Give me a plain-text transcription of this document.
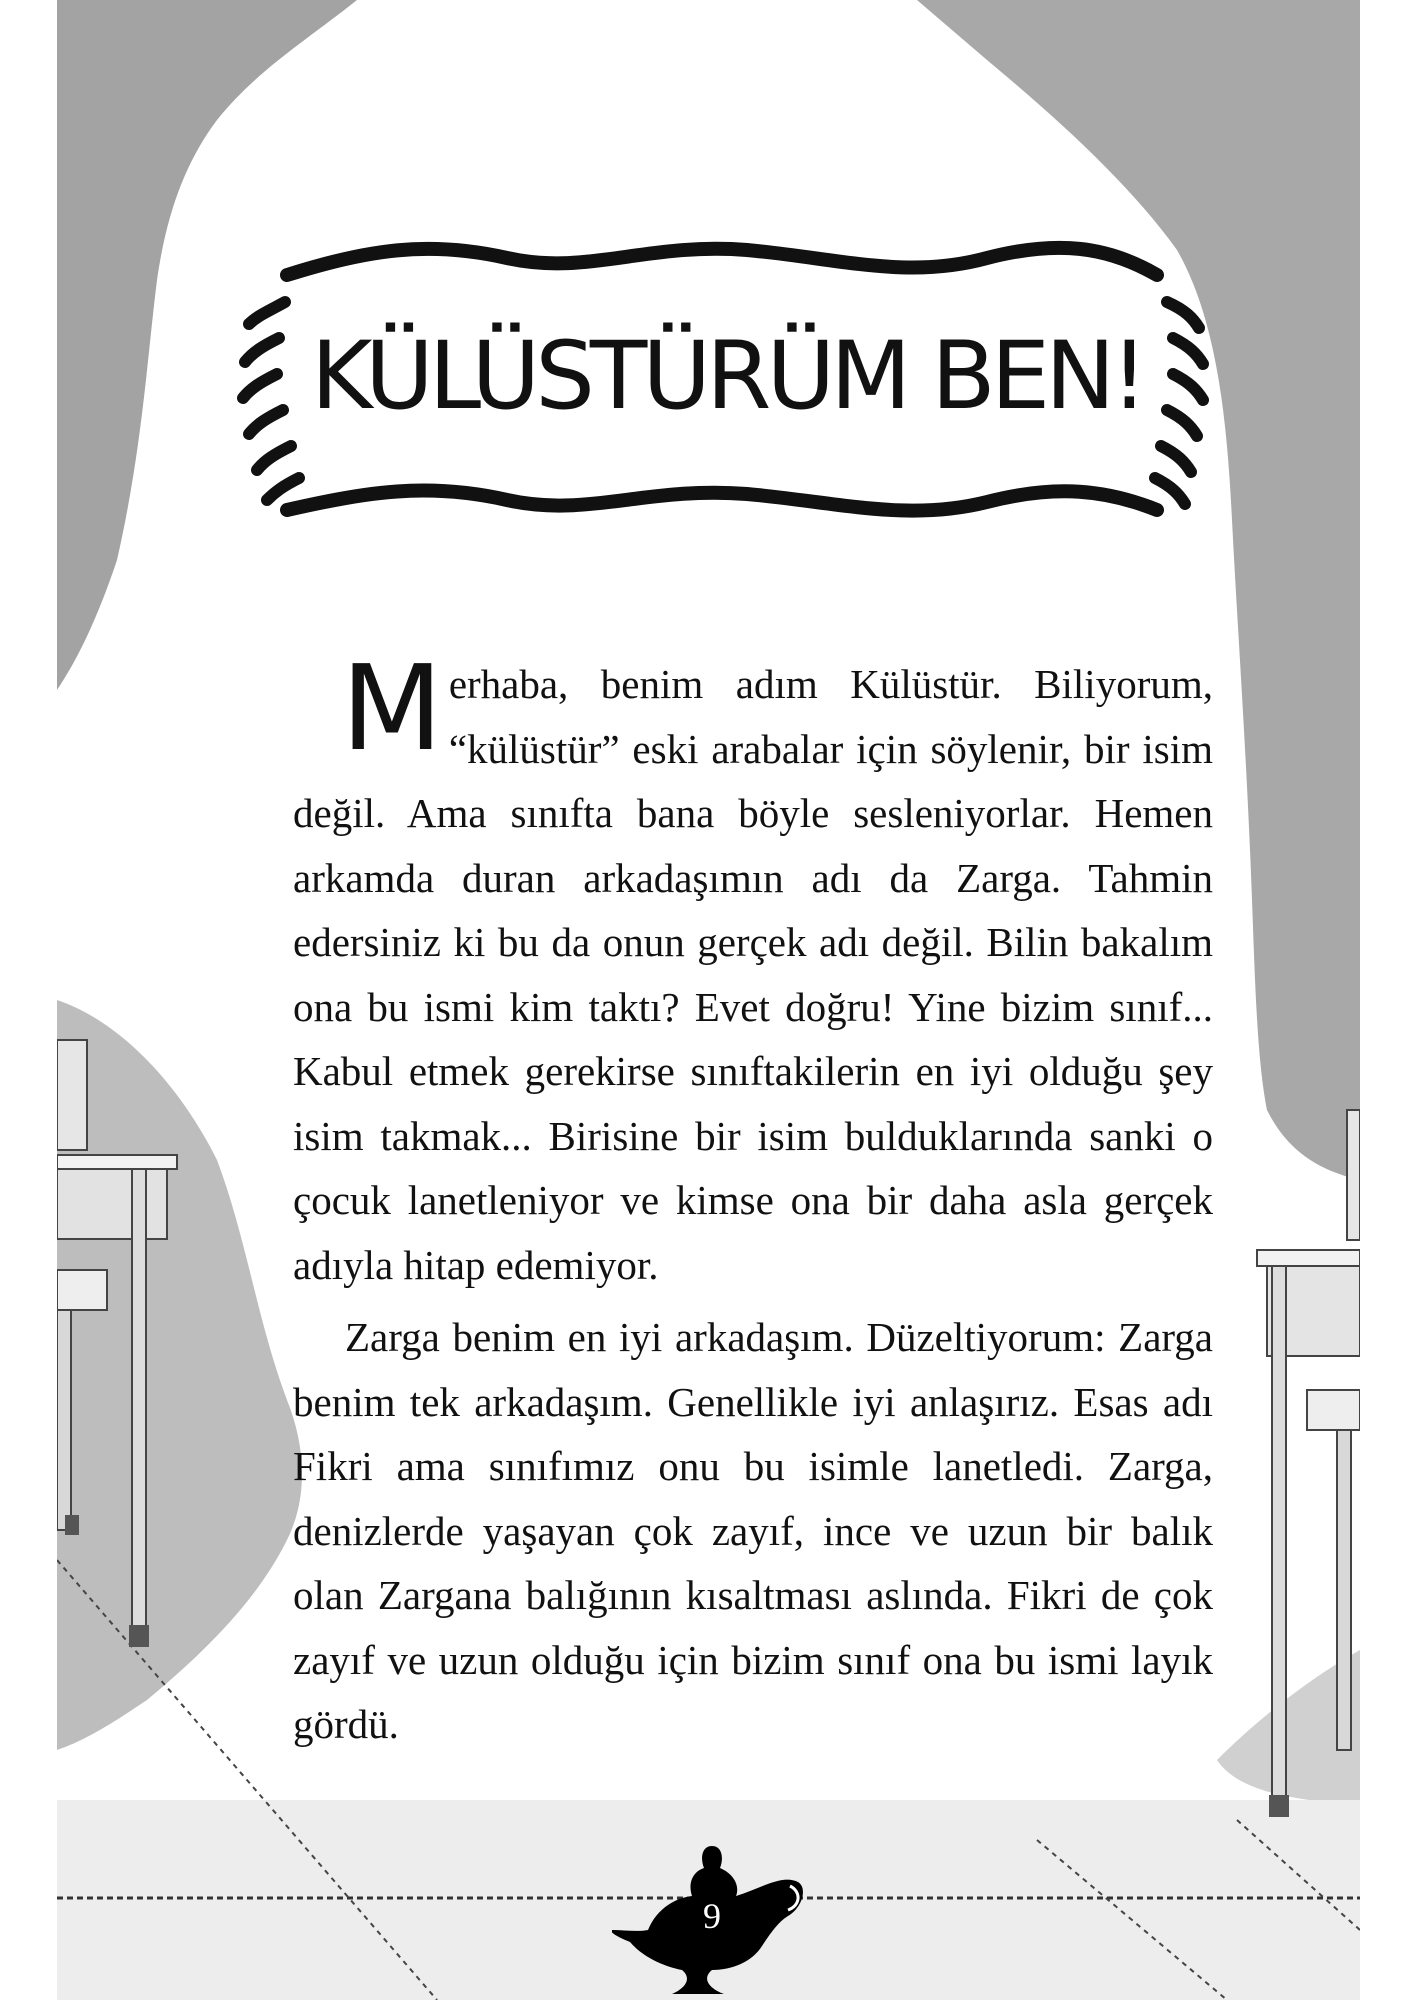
KÜLÜSTÜRÜM BEN!

Merhaba, benim adım Külüstür. Biliyorum, “külüstür” eski arabalar için söylenir, bir isim değil. Ama sınıfta bana böyle sesleniyorlar. Hemen arkamda duran arkadaşımın adı da Zarga. Tahmin edersiniz ki bu da onun gerçek adı değil. Bilin bakalım ona bu ismi kim taktı? Evet doğru! Yine bizim sınıf... Kabul etmek gerekirse sınıftakilerin en iyi olduğu şey isim takmak... Birisine bir isim bulduklarında sanki o çocuk lanetleniyor ve kimse ona bir daha asla gerçek adıyla hitap edemiyor.

Zarga benim en iyi arkadaşım. Düzeltiyorum: Zarga benim tek arkadaşım. Genellikle iyi anlaşırız. Esas adı Fikri ama sınıfımız onu bu isimle lanetledi. Zarga, denizlerde yaşayan çok zayıf, ince ve uzun bir balık olan Zargana balığının kısaltması aslında. Fikri de çok zayıf ve uzun olduğu için bizim sınıf ona bu ismi layık gördü.

9
